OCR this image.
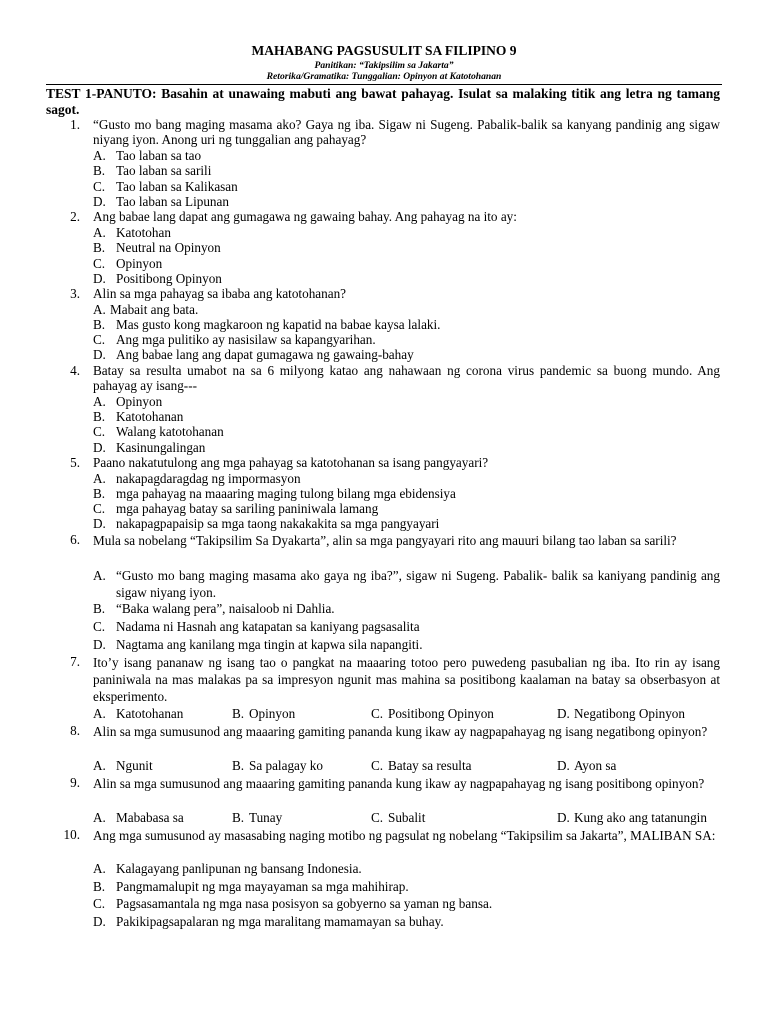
MAHABANG PAGSUSULIT SA FILIPINO 9
Panitikan: “Takipsilim sa Jakarta”
Retorika/Gramatika: Tunggalian: Opinyon at Katotohanan
TEST 1-PANUTO: Basahin at unawaing mabuti ang bawat pahayag. Isulat sa malaking titik ang letra ng tamang sagot.
1. “Gusto mo bang maging masama ako? Gaya ng iba. Sigaw ni Sugeng. Pabalik-balik sa kanyang pandinig ang sigaw niyang iyon. Anong uri ng tunggalian ang pahayag?
A. Tao laban sa tao
B. Tao laban sa sarili
C. Tao laban sa Kalikasan
D. Tao laban sa Lipunan
2. Ang babae lang dapat ang gumagawa ng gawaing bahay. Ang pahayag na ito ay:
A. Katotohan
B. Neutral na Opinyon
C. Opinyon
D. Positibong Opinyon
3. Alin sa mga pahayag sa ibaba ang katotohanan?
A. Mabait ang bata.
B. Mas gusto kong magkaroon ng kapatid na babae kaysa lalaki.
C. Ang mga pulitiko ay nasisilaw sa kapangyarihan.
D. Ang babae lang ang dapat gumagawa ng gawaing-bahay
4. Batay sa resulta umabot na sa 6 milyong katao ang nahawaan ng corona virus pandemic sa buong mundo. Ang pahayag ay isang---
A. Opinyon
B. Katotohanan
C. Walang katotohanan
D. Kasinungalingan
5. Paano nakatutulong ang mga pahayag sa katotohanan sa isang pangyayari?
A. nakapagdaragdag ng impormasyon
B. mga pahayag na maaaring maging tulong bilang mga ebidensiya
C. mga pahayag batay sa sariling paniniwala lamang
D. nakapagpapaisip sa mga taong nakakakita sa mga pangyayari
6. Mula sa nobelang “Takipsilim Sa Dyakarta”, alin sa mga pangyayari rito ang mauuri bilang tao laban sa sarili?
A. “Gusto mo bang maging masama ako gaya ng iba?”, sigaw ni Sugeng. Pabalik- balik sa kaniyang pandinig ang sigaw niyang iyon.
B. “Baka walang pera”, naisaloob ni Dahlia.
C. Nadama ni Hasnah ang katapatan sa kaniyang pagsasalita
D. Nagtama ang kanilang mga tingin at kapwa sila napangiti.
7. Ito’y isang pananaw ng isang tao o pangkat na maaaring totoo pero puwedeng pasubalian ng iba. Ito rin ay isang paniniwala na mas malakas pa sa impresyon ngunit mas mahina sa positibong kaalaman na batay sa obserbasyon at eksperimento.
A. Katotohanan	B. Opinyon	C. Positibong Opinyon	D. Negatibong Opinyon
8. Alin sa mga sumusunod ang maaaring gamiting pananda kung ikaw ay nagpapahayag ng isang negatibong opinyon?
A. Ngunit	B. Sa palagay ko	C. Batay sa resulta	D. Ayon sa
9. Alin sa mga sumusunod ang maaaring gamiting pananda kung ikaw ay nagpapahayag ng isang positibong opinyon?
A. Mababasa sa	B. Tunay	C. Subalit	D. Kung ako ang tatanungin
10. Ang mga sumusunod ay masasabing naging motibo ng pagsulat ng nobelang “Takipsilim sa Jakarta”, MALIBAN SA:
A. Kalagayang panlipunan ng bansang Indonesia.
B. Pangmamalupit ng mga mayayaman sa mga mahihirap.
C. Pagsasamantala ng mga nasa posisyon sa gobyerno sa yaman ng bansa.
D. Pakikipagsapalaran ng mga maralitang mamamayan sa buhay.
